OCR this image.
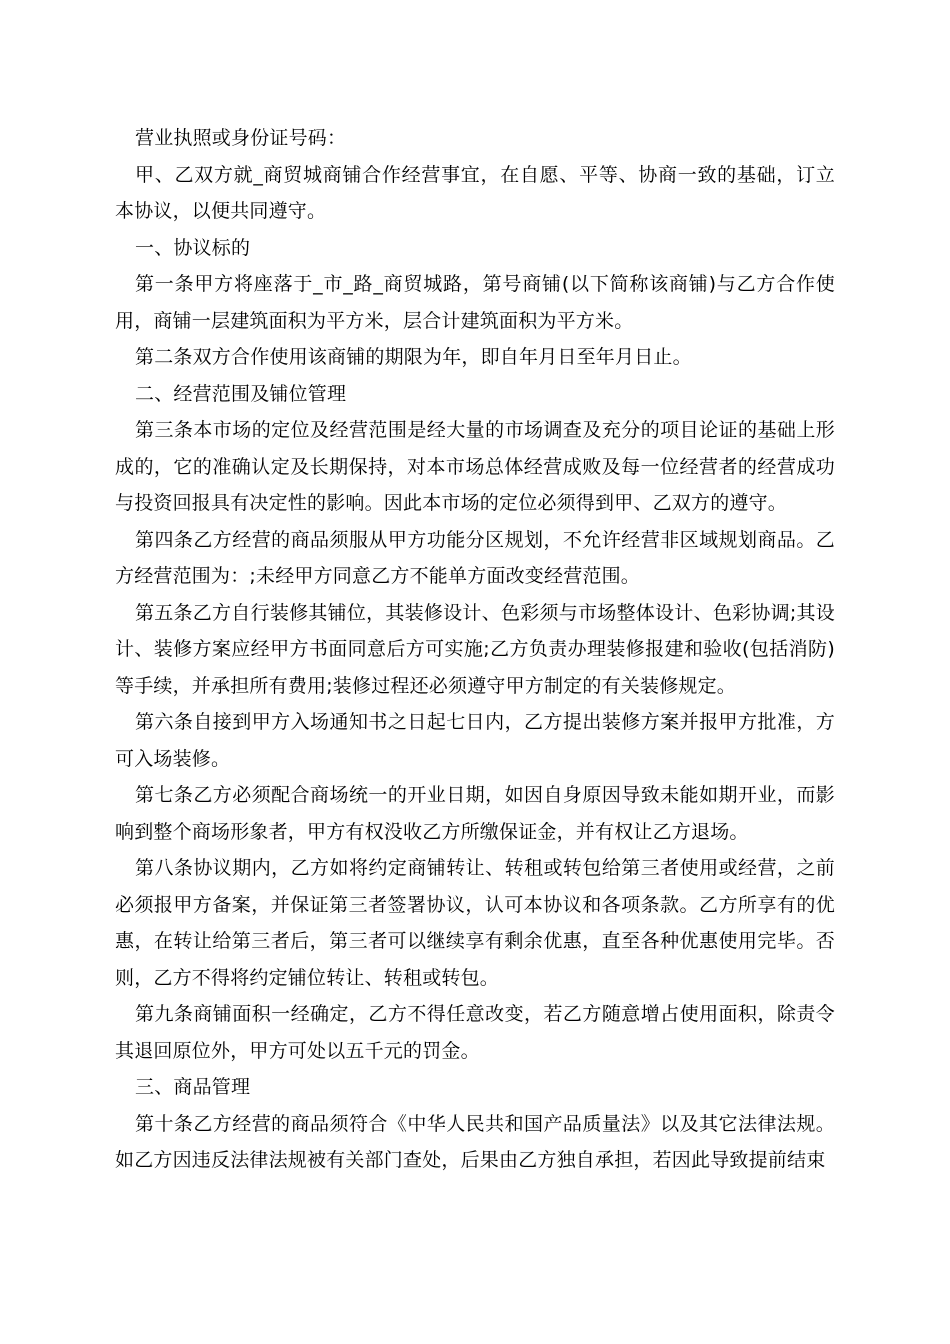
营业执照或身份证号码：

甲、乙双方就_商贸城商铺合作经营事宜，在自愿、平等、协商一致的基础，订立本协议，以便共同遵守。

一、协议标的

第一条甲方将座落于_市_路_商贸城路，第号商铺(以下简称该商铺)与乙方合作使用，商铺一层建筑面积为平方米，层合计建筑面积为平方米。

第二条双方合作使用该商铺的期限为年，即自年月日至年月日止。

二、经营范围及铺位管理

第三条本市场的定位及经营范围是经大量的市场调查及充分的项目论证的基础上形成的，它的准确认定及长期保持，对本市场总体经营成败及每一位经营者的经营成功与投资回报具有决定性的影响。因此本市场的定位必须得到甲、乙双方的遵守。

第四条乙方经营的商品须服从甲方功能分区规划，不允许经营非区域规划商品。乙方经营范围为：;未经甲方同意乙方不能单方面改变经营范围。

第五条乙方自行装修其铺位，其装修设计、色彩须与市场整体设计、色彩协调;其设计、装修方案应经甲方书面同意后方可实施;乙方负责办理装修报建和验收(包括消防)等手续，并承担所有费用;装修过程还必须遵守甲方制定的有关装修规定。

第六条自接到甲方入场通知书之日起七日内，乙方提出装修方案并报甲方批准，方可入场装修。

第七条乙方必须配合商场统一的开业日期，如因自身原因导致未能如期开业，而影响到整个商场形象者，甲方有权没收乙方所缴保证金，并有权让乙方退场。

第八条协议期内，乙方如将约定商铺转让、转租或转包给第三者使用或经营，之前必须报甲方备案，并保证第三者签署协议，认可本协议和各项条款。乙方所享有的优惠，在转让给第三者后，第三者可以继续享有剩余优惠，直至各种优惠使用完毕。否则，乙方不得将约定铺位转让、转租或转包。

第九条商铺面积一经确定，乙方不得任意改变，若乙方随意增占使用面积，除责令其退回原位外，甲方可处以五千元的罚金。

三、商品管理

第十条乙方经营的商品须符合《中华人民共和国产品质量法》以及其它法律法规。如乙方因违反法律法规被有关部门查处，后果由乙方独自承担，若因此导致提前结束
